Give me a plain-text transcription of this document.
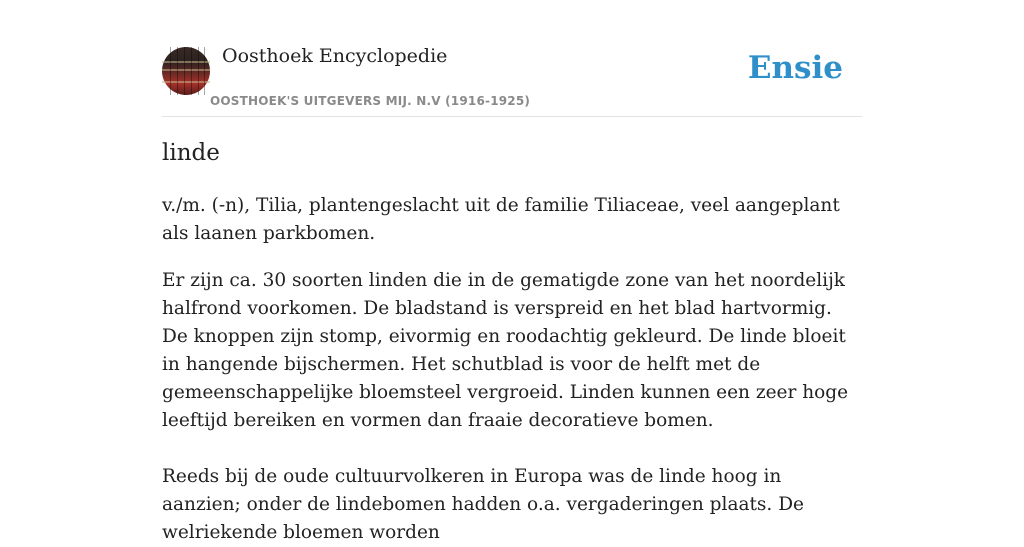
Oosthoek Encyclopedie
OOSTHOEK'S UITGEVERS MIJ. N.V (1916-1925)
Ensie
linde

v./m. (-n), Tilia, plantengeslacht uit de familie Tiliaceae, veel aangeplant als laanen parkbomen.

Er zijn ca. 30 soorten linden die in de gematigde zone van het noordelijk halfrond voorkomen. De bladstand is verspreid en het blad hartvormig. De knoppen zijn stomp, eivormig en roodachtig gekleurd. De linde bloeit in hangende bijschermen. Het schutblad is voor de helft met de gemeenschappelijke bloemsteel vergroeid. Linden kunnen een zeer hoge leeftijd bereiken en vormen dan fraaie decoratieve bomen.

Reeds bij de oude cultuurvolkeren in Europa was de linde hoog in aanzien; onder de lindebomen hadden o.a. vergaderingen plaats. De welriekende bloemen worden
